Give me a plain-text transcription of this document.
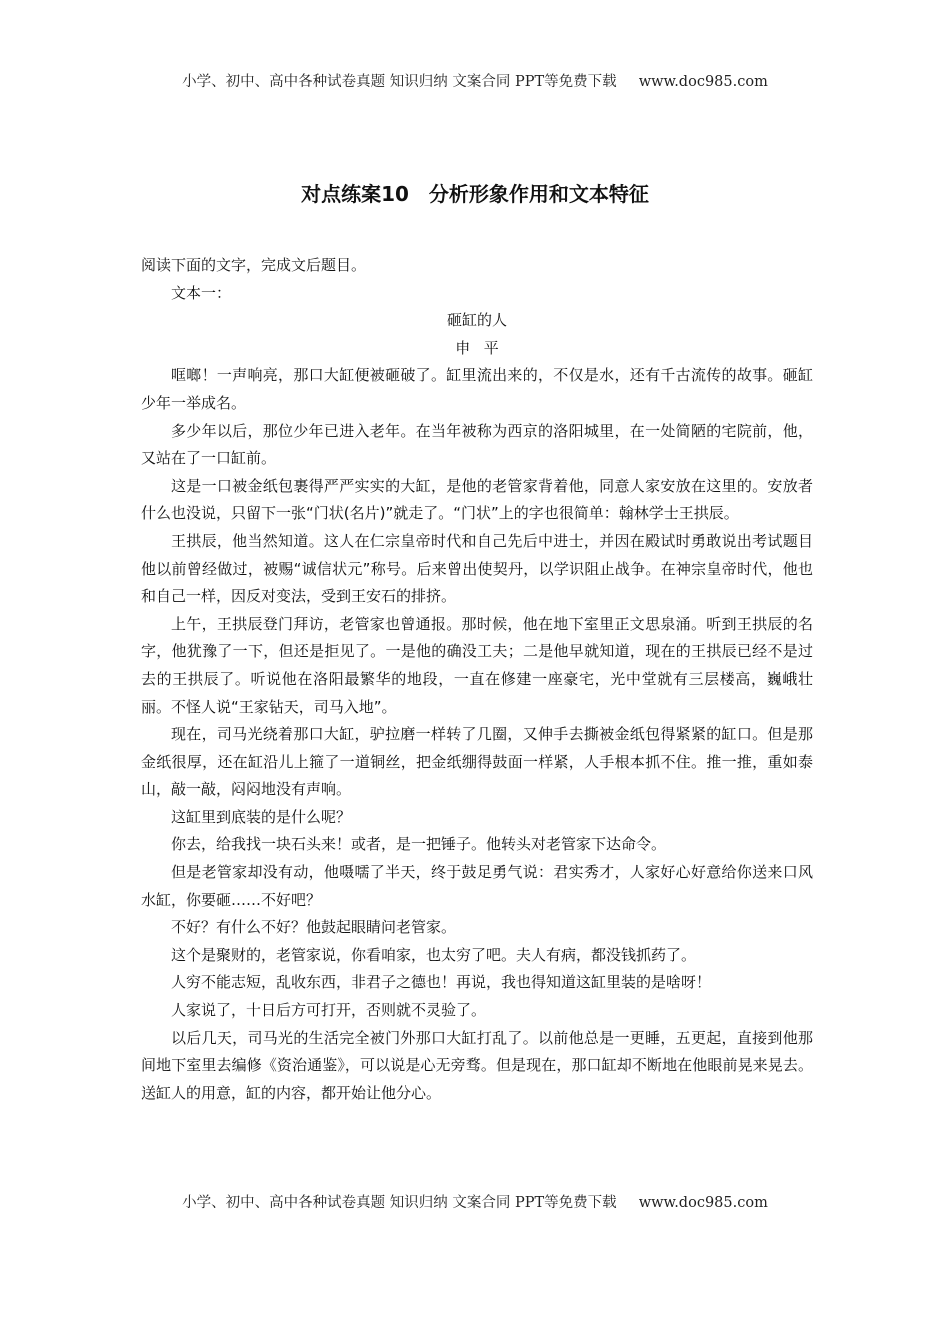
小学、初中、高中各种试卷真题 知识归纳 文案合同 PPT等免费下载 www.doc985.com
对点练案10　分析形象作用和文本特征

阅读下面的文字，完成文后题目。

文本一：

砸缸的人

申平

哐啷！一声响亮，那口大缸便被砸破了。缸里流出来的，不仅是水，还有千古流传的故事。砸缸少年一举成名。

多少年以后，那位少年已进入老年。在当年被称为西京的洛阳城里，在一处简陋的宅院前，他，又站在了一口缸前。

这是一口被金纸包裹得严严实实的大缸，是他的老管家背着他，同意人家安放在这里的。安放者什么也没说，只留下一张“门状(名片)”就走了。“门状”上的字也很简单：翰林学士王拱辰。

王拱辰，他当然知道。这人在仁宗皇帝时代和自己先后中进士，并因在殿试时勇敢说出考试题目他以前曾经做过，被赐“诚信状元”称号。后来曾出使契丹，以学识阻止战争。在神宗皇帝时代，他也和自己一样，因反对变法，受到王安石的排挤。

上午，王拱辰登门拜访，老管家也曾通报。那时候，他在地下室里正文思泉涌。听到王拱辰的名字，他犹豫了一下，但还是拒见了。一是他的确没工夫；二是他早就知道，现在的王拱辰已经不是过去的王拱辰了。听说他在洛阳最繁华的地段，一直在修建一座豪宅，光中堂就有三层楼高，巍峨壮丽。不怪人说“王家钻天，司马入地”。

现在，司马光绕着那口大缸，驴拉磨一样转了几圈，又伸手去撕被金纸包得紧紧的缸口。但是那金纸很厚，还在缸沿儿上箍了一道铜丝，把金纸绷得鼓面一样紧，人手根本抓不住。推一推，重如泰山，敲一敲，闷闷地没有声响。

这缸里到底装的是什么呢？

你去，给我找一块石头来！或者，是一把锤子。他转头对老管家下达命令。

但是老管家却没有动，他嗫嚅了半天，终于鼓足勇气说：君实秀才，人家好心好意给你送来口风水缸，你要砸……不好吧？

不好？有什么不好？他鼓起眼睛问老管家。

这个是聚财的，老管家说，你看咱家，也太穷了吧。夫人有病，都没钱抓药了。

人穷不能志短，乱收东西，非君子之德也！再说，我也得知道这缸里装的是啥呀！

人家说了，十日后方可打开，否则就不灵验了。

以后几天，司马光的生活完全被门外那口大缸打乱了。以前他总是一更睡，五更起，直接到他那间地下室里去编修《资治通鉴》，可以说是心无旁骛。但是现在，那口缸却不断地在他眼前晃来晃去。送缸人的用意，缸的内容，都开始让他分心。

小学、初中、高中各种试卷真题 知识归纳 文案合同 PPT等免费下载 www.doc985.com
